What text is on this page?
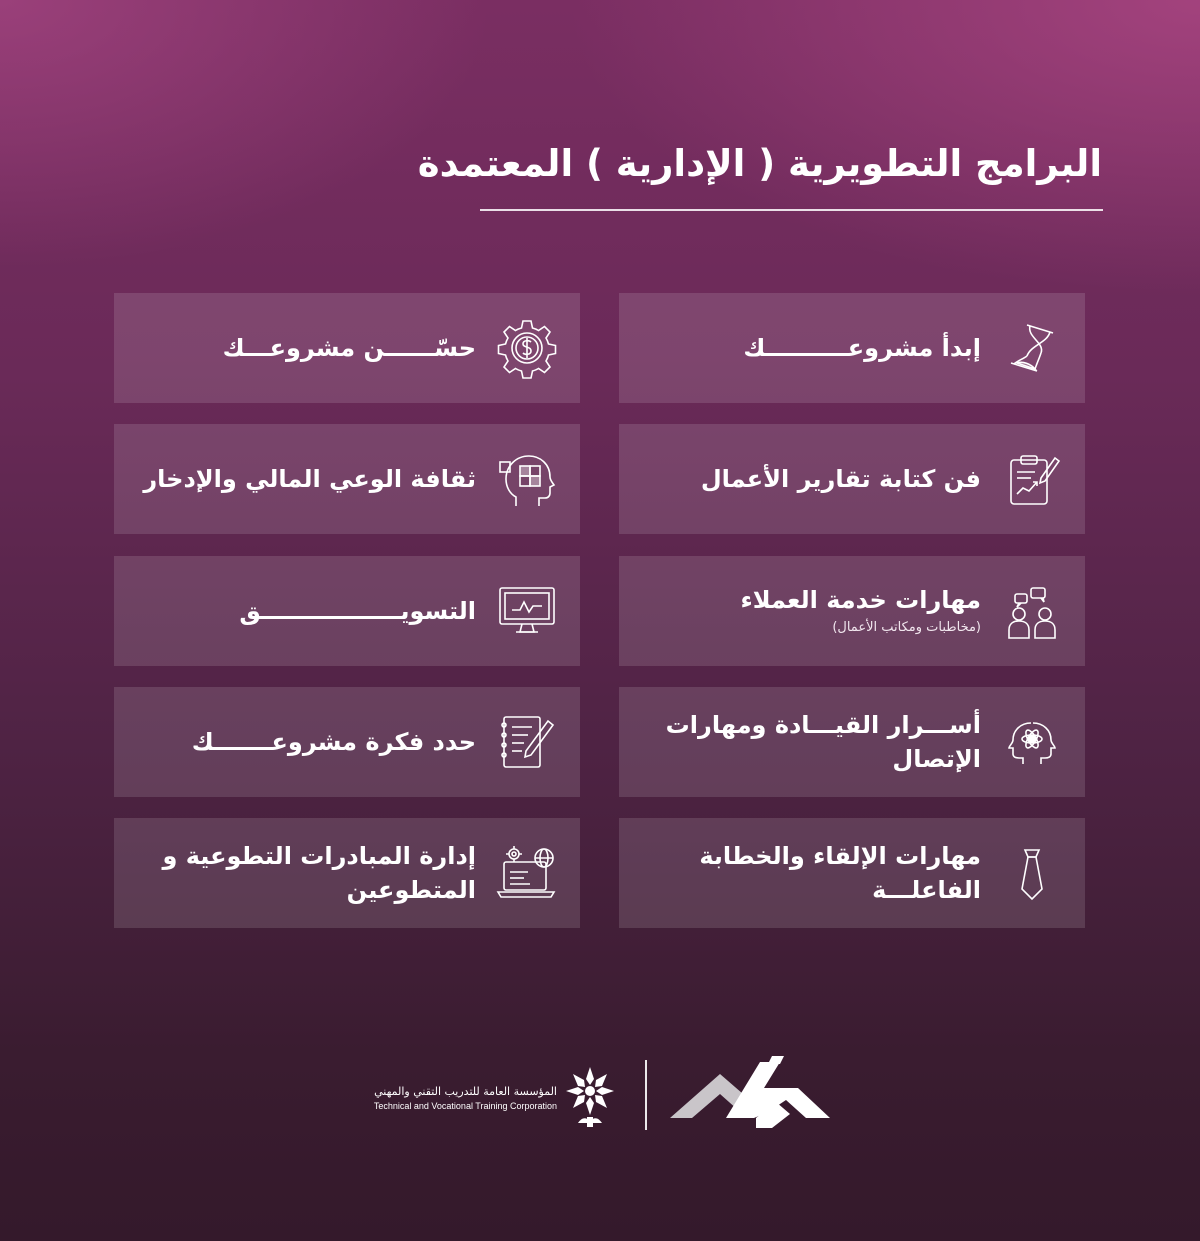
البرامج التطويرية ( الإدارية ) المعتمدة
إبدأ مشروعــــــــــك
حسّــــــن مشروعـــك
فن كتابة تقارير الأعمال
ثقافة الوعي المالي والإدخار
مهارات خدمة العملاء
(مخاطبات ومكاتب الأعمال)
التسويـــــــــــــــــق
أســـرار القيـــادة ومهارات الإتصال
حدد فكرة مشروعـــــــك
مهارات الإلقاء والخطابة الفاعلـــة
إدارة المبادرات التطوعية و المتطوعين
المؤسسة العامة للتدريب التقني والمهني
Technical and Vocational Training Corporation
